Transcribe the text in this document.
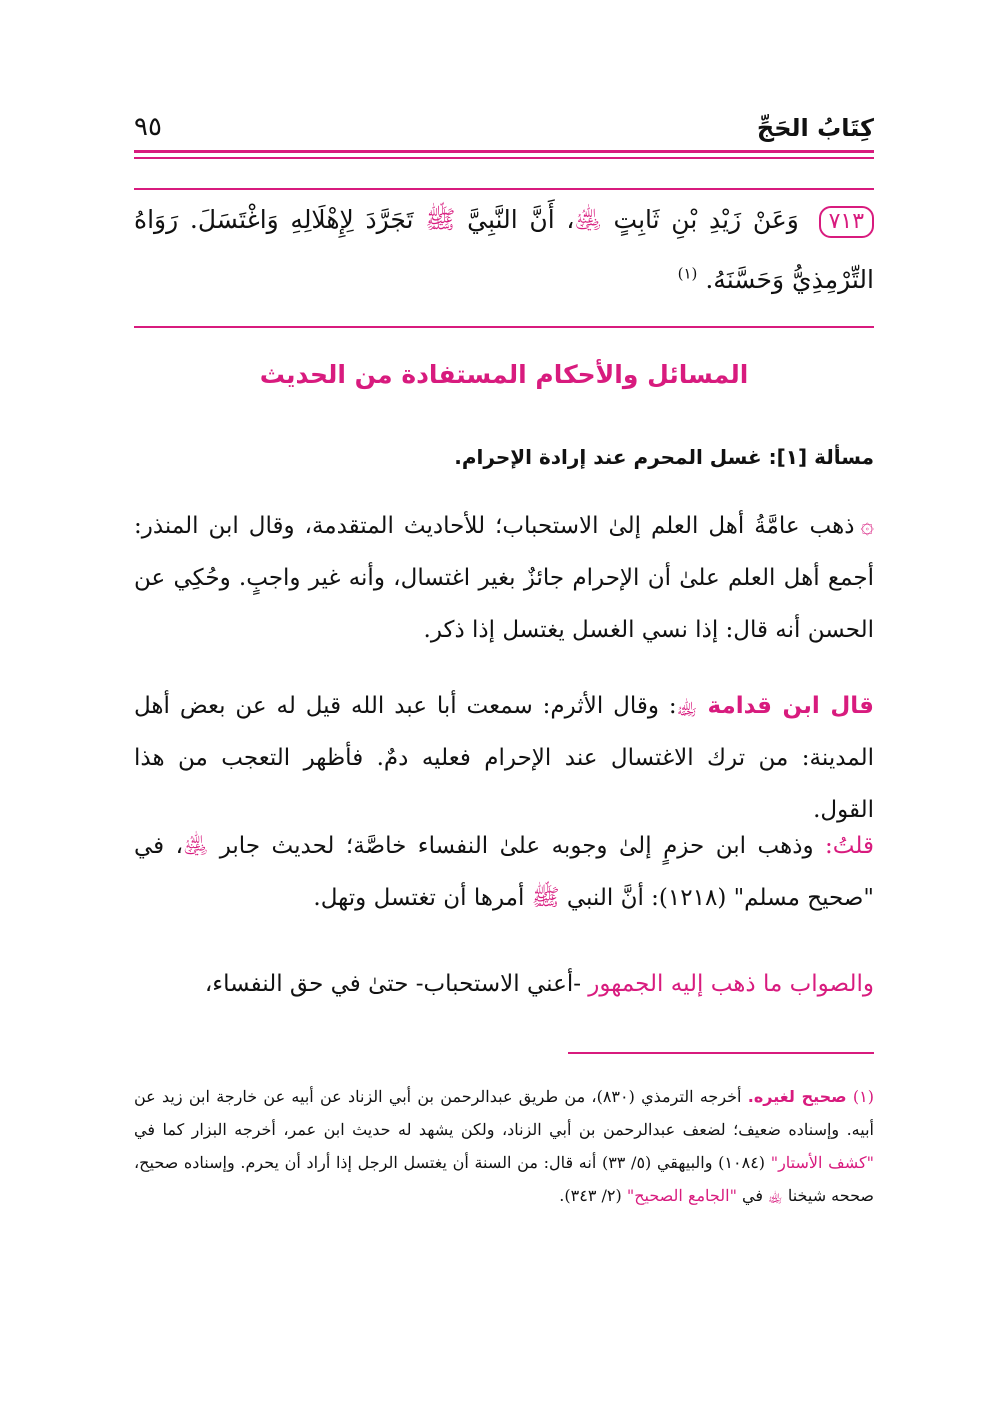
كِتَابُ الحَجِّ
٩٥
٧١٣ وَعَنْ زَيْدِ بْنِ ثَابِتٍ ﵁، أَنَّ النَّبِيَّ ﷺ تَجَرَّدَ لِإِهْلَالِهِ وَاغْتَسَلَ. رَوَاهُ التِّرْمِذِيُّ وَحَسَّنَهُ. $^{(١)}$
المسائل والأحكام المستفادة من الحديث
مسألة [١]: غسل المحرم عند إرادة الإحرام.
۞ذهب عامَّةُ أهل العلم إلىٰ الاستحباب؛ للأحاديث المتقدمة، وقال ابن المنذر: أجمع أهل العلم علىٰ أن الإحرام جائزٌ بغير اغتسال، وأنه غير واجبٍ. وحُكِي عن الحسن أنه قال: إذا نسي الغسل يغتسل إذا ذكر.
قال ابن قدامة ﵀: وقال الأثرم: سمعت أبا عبد الله قيل له عن بعض أهل المدينة: من ترك الاغتسال عند الإحرام فعليه دمٌ. فأظهر التعجب من هذا القول.
قلتُ: وذهب ابن حزمٍ إلىٰ وجوبه علىٰ النفساء خاصَّة؛ لحديث جابر ﵁، في "صحيح مسلم" (١٢١٨): أنَّ النبي ﷺ أمرها أن تغتسل وتهل.
والصواب ما ذهب إليه الجمهور -أعني الاستحباب- حتىٰ في حق النفساء،
(١) صحيح لغيره. أخرجه الترمذي (٨٣٠)، من طريق عبدالرحمن بن أبي الزناد عن أبيه عن خارجة ابن زيد عن أبيه. وإسناده ضعيف؛ لضعف عبدالرحمن بن أبي الزناد، ولكن يشهد له حديث ابن عمر، أخرجه البزار كما في "كشف الأستار" (١٠٨٤) والبيهقي (٥/ ٣٣) أنه قال: من السنة أن يغتسل الرجل إذا أراد أن يحرم. وإسناده صحيح، صححه شيخنا ﵀ في "الجامع الصحيح" (٢/ ٣٤٣).
